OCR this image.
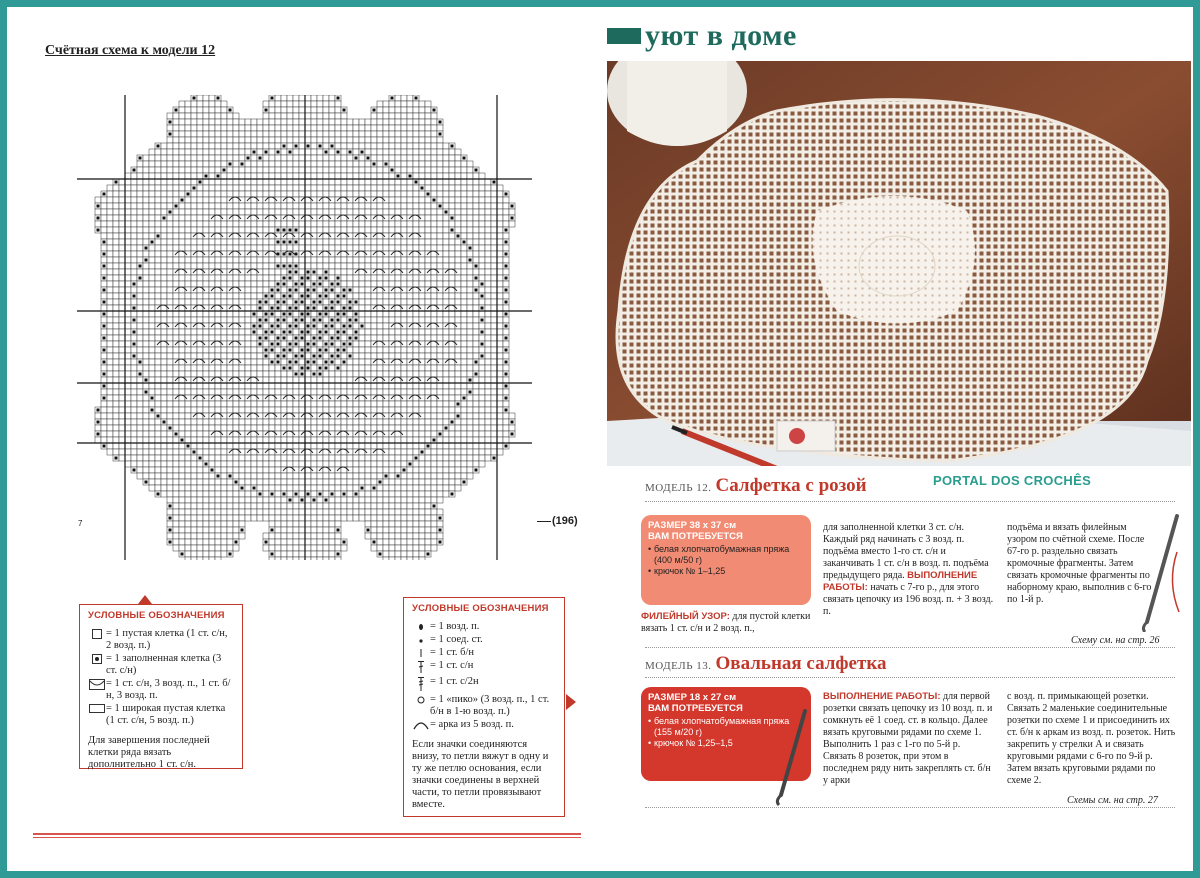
Счётная схема к модели 12
7	(196)
УСЛОВНЫЕ ОБОЗНАЧЕНИЯ
= 1 пустая клетка (1 ст. с/н, 2 возд. п.)
= 1 заполненная клетка (3 ст. с/н)
= 1 ст. с/н, 3 возд. п., 1 ст. б/н, 3 возд. п.
= 1 широкая пустая клетка (1 ст. с/н, 5 возд. п.)
Для завершения последней клетки ряда вязать дополнительно 1 ст. с/н.
УСЛОВНЫЕ ОБОЗНАЧЕНИЯ
= 1 возд. п.
= 1 соед. ст.
= 1 ст. б/н
= 1 ст. с/н
= 1 ст. с/2н
= 1 «пико» (3 возд. п., 1 ст. б/н в 1-ю возд. п.)
= арка из 5 возд. п.
Если значки соединяются внизу, то петли вяжут в одну и ту же петлю основания, если значки соединены в верхней части, то петли провязывают вместе.
уют в доме
PORTAL DOS CROCHÊS
МОДЕЛЬ 12. Салфетка с розой
РАЗМЕР 38 x 37 см
ВАМ ПОТРЕБУЕТСЯ
• белая хлопчатобумажная пряжа (400 м/50 г)
• крючок № 1–1,25
ФИЛЕЙНЫЙ УЗОР: для пустой клетки вязать 1 ст. с/н и 2 возд. п.,
для заполненной клетки 3 ст. с/н. Каждый ряд начинать с 3 возд. п. подъёма вместо 1-го ст. с/н и заканчивать 1 ст. с/н в возд. п. подъёма предыдущего ряда. ВЫПОЛНЕНИЕ РАБОТЫ: начать с 7-го р., для этого связать цепочку из 196 возд. п. + 3 возд. п.
подъёма и вязать филейным узором по счётной схеме. После 67-го р. раздельно связать кромочные фрагменты. Затем связать кромочные фрагменты по наборному краю, выполнив с 6-го по 1-й р.
Схему см. на стр. 26
МОДЕЛЬ 13. Овальная салфетка
РАЗМЕР 18 x 27 см
ВАМ ПОТРЕБУЕТСЯ
• белая хлопчатобумажная пряжа (155 м/20 г)
• крючок № 1,25–1,5
ВЫПОЛНЕНИЕ РАБОТЫ: для первой розетки связать цепочку из 10 возд. п. и сомкнуть её 1 соед. ст. в кольцо. Далее вязать круговыми рядами по схеме 1. Выполнить 1 раз с 1-го по 5-й р. Связать 8 розеток, при этом в последнем ряду нить закреплять ст. б/н у арки
с возд. п. примыкающей розетки. Связать 2 маленькие соединительные розетки по схеме 1 и присоединить их ст. б/н к аркам из возд. п. розеток. Нить закрепить у стрелки А и связать круговыми рядами с 6-го по 9-й р. Затем вязать круговыми рядами по схеме 2.
Схемы см. на стр. 27
